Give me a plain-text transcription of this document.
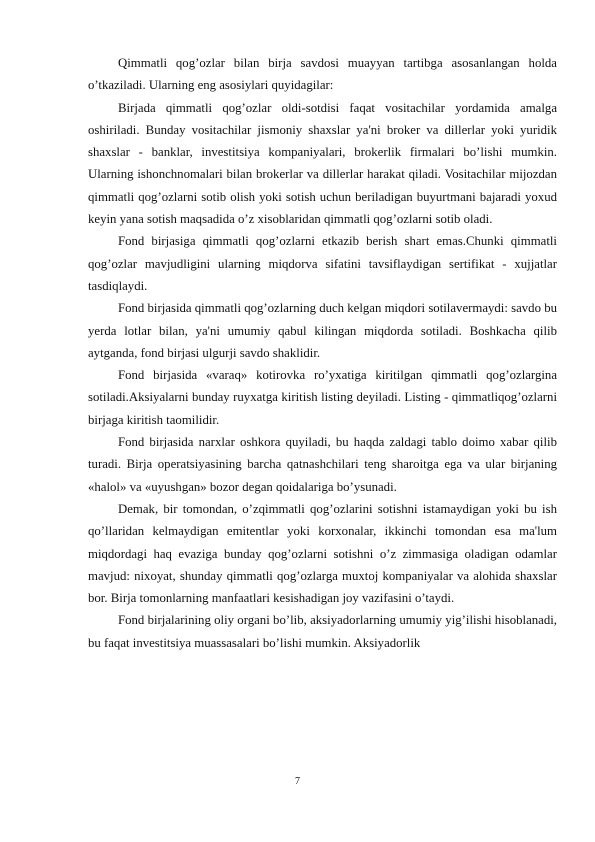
Qimmatli qog’ozlar bilan birja savdosi muayyan tartibga asosanlangan holda o’tkaziladi. Ularning eng asosiylari quyidagilar:

Birjada qimmatli qog’ozlar oldi-sotdisi faqat vositachilar yordamida amalga oshiriladi. Bunday vositachilar jismoniy shaxslar ya'ni broker va dillerlar yoki yuridik shaxslar - banklar, investitsiya kompaniyalari, brokerlik firmalari bo’lishi mumkin. Ularning ishonchnomalari bilan brokerlar va dillerlar harakat qiladi. Vositachilar mijozdan qimmatli qog’ozlarni sotib olish yoki sotish uchun beriladigan buyurtmani bajaradi yoxud keyin yana sotish maqsadida o’z xisoblaridan qimmatli qog’ozlarni sotib oladi.

Fond birjasiga qimmatli qog’ozlarni etkazib berish shart emas.Chunki qimmatli qog’ozlar mavjudligini ularning miqdorva sifatini tavsiflaydigan sertifikat - xujjatlar tasdiqlaydi.

Fond birjasida qimmatli qog’ozlarning duch kelgan miqdori sotilavermaydi: savdo bu yerda lotlar bilan, ya'ni umumiy qabul kilingan miqdorda sotiladi. Boshkacha qilib aytganda, fond birjasi ulgurji savdo shaklidir.

Fond birjasida «varaq» kotirovka ro’yxatiga kiritilgan qimmatli qog’ozlargina sotiladi.Aksiyalarni bunday ruyxatga kiritish listing deyiladi. Listing - qimmatliqog’ozlarni birjaga kiritish taomilidir.

Fond birjasida narxlar oshkora quyiladi, bu haqda zaldagi tablo doimo xabar qilib turadi. Birja operatsiyasining barcha qatnashchilari teng sharoitga ega va ular birjaning «halol» va «uyushgan» bozor degan qoidalariga bo’ysunadi.

Demak, bir tomondan, o’zqimmatli qog’ozlarini sotishni istamaydigan yoki bu ish qo’llaridan kelmaydigan emitentlar yoki korxonalar, ikkinchi tomondan esa ma'lum miqdordagi haq evaziga bunday qog’ozlarni sotishni o’z zimmasiga oladigan odamlar mavjud: nixoyat, shunday qimmatli qog’ozlarga muxtoj kompaniyalar va alohida shaxslar bor. Birja tomonlarning manfaatlari kesishadigan joy vazifasini o’taydi.

Fond birjalarining oliy organi bo’lib, aksiyadorlarning umumiy yig’ilishi hisoblanadi, bu faqat investitsiya muassasalari bo’lishi mumkin. Aksiyadorlik

7
